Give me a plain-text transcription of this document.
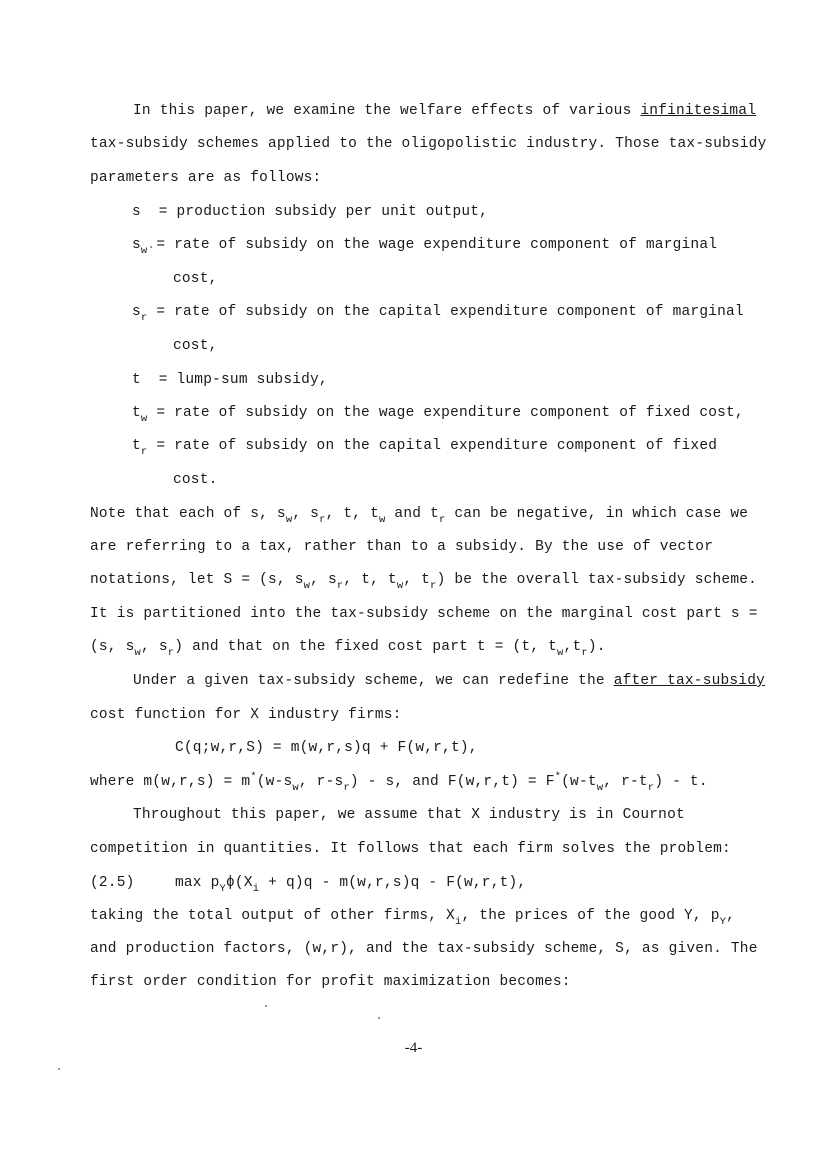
In this paper, we examine the welfare effects of various infinitesimal
tax-subsidy schemes applied to the oligopolistic industry. Those tax-subsidy
parameters are as follows:
s  = production subsidy per unit output,
$s_w$ = rate of subsidy on the wage expenditure component of marginal
cost,
$s_r$ = rate of subsidy on the capital expenditure component of marginal
cost,
t  = lump-sum subsidy,
$t_w$ = rate of subsidy on the wage expenditure component of fixed cost,
$t_r$ = rate of subsidy on the capital expenditure component of fixed
cost.
Note that each of s, $s_w$, $s_r$, t, $t_w$ and $t_r$ can be negative, in which case we
are referring to a tax, rather than to a subsidy. By the use of vector
notations, let S = (s, $s_w$, $s_r$, t, $t_w$, $t_r$) be the overall tax-subsidy scheme.
It is partitioned into the tax-subsidy scheme on the marginal cost part s =
(s, $s_w$, $s_r$) and that on the fixed cost part t = (t, $t_w,t_r$).
Under a given tax-subsidy scheme, we can redefine the after tax-subsidy
cost function for X industry firms:
C(q;w,r,S) = m(w,r,s)q + F(w,r,t),
where $m(w,r,s) = m^*(w-s_w$, $r-s_r$) - s, and $F(w,r,t) = F^*(w-t_w$, $r-t_r$) - t.
Throughout this paper, we assume that X industry is in Cournot
competition in quantities. It follows that each firm solves the problem:
(2.5)	$\max p_Y\phi(X_i + q)q - m(w,r,s)q - F(w,r,t)$,
taking the total output of other firms, $X_i$, the prices of the good Y, $p_Y$,
and production factors, (w,r), and the tax-subsidy scheme, S, as given. The
first order condition for profit maximization becomes:
-4-
